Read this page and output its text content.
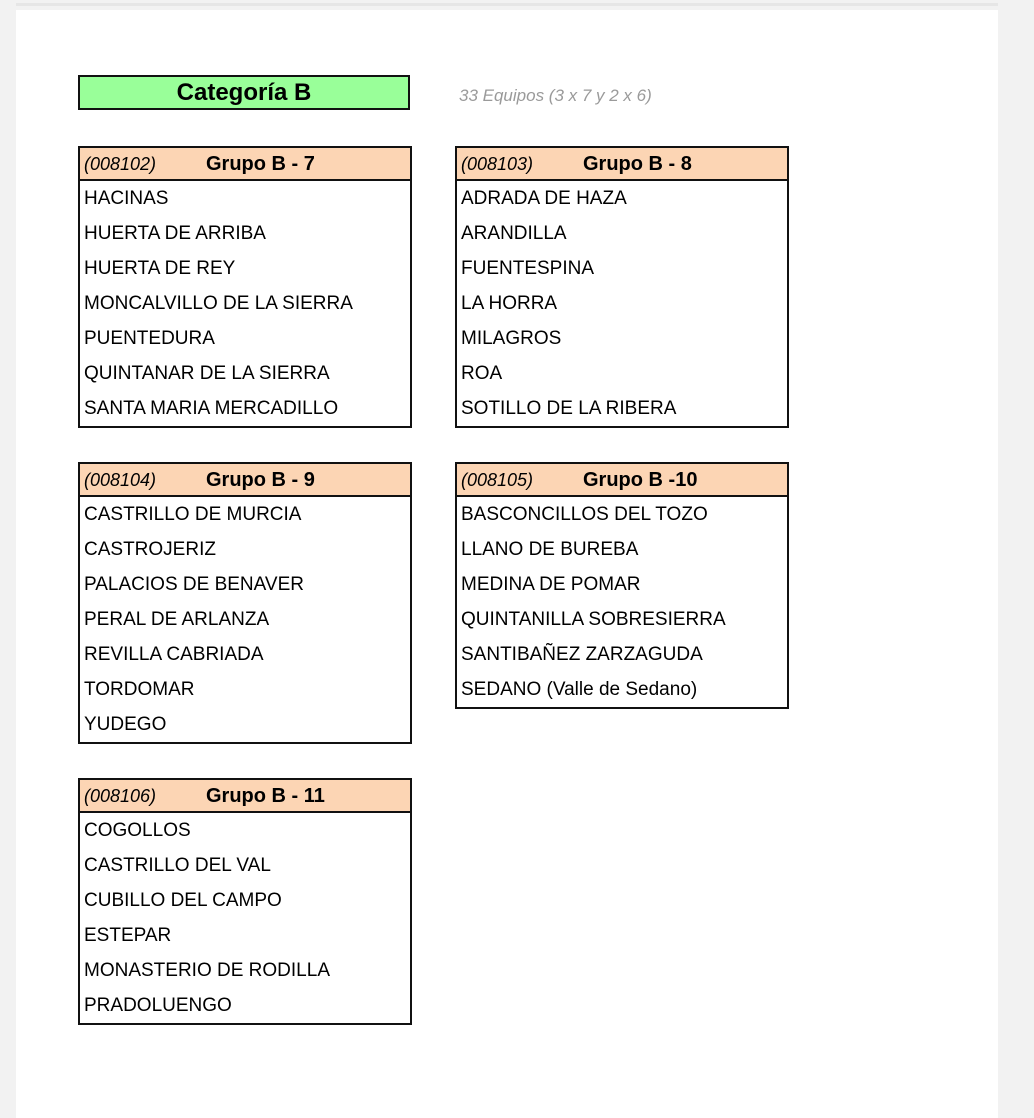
Categoría B	33 Equipos (3 x 7 y 2 x 6)
(008102) Grupo B - 7
HACINAS
HUERTA DE ARRIBA
HUERTA DE REY
MONCALVILLO DE LA SIERRA
PUENTEDURA
QUINTANAR DE LA SIERRA
SANTA MARIA MERCADILLO
(008103) Grupo B - 8
ADRADA DE HAZA
ARANDILLA
FUENTESPINA
LA HORRA
MILAGROS
ROA
SOTILLO DE LA RIBERA
(008104) Grupo B - 9
CASTRILLO DE MURCIA
CASTROJERIZ
PALACIOS DE BENAVER
PERAL DE ARLANZA
REVILLA CABRIADA
TORDOMAR
YUDEGO
(008105) Grupo B -10
BASCONCILLOS DEL TOZO
LLANO DE BUREBA
MEDINA DE POMAR
QUINTANILLA SOBRESIERRA
SANTIBAÑEZ ZARZAGUDA
SEDANO (Valle de Sedano)
(008106) Grupo B - 11
COGOLLOS
CASTRILLO DEL VAL
CUBILLO DEL CAMPO
ESTEPAR
MONASTERIO DE RODILLA
PRADOLUENGO
